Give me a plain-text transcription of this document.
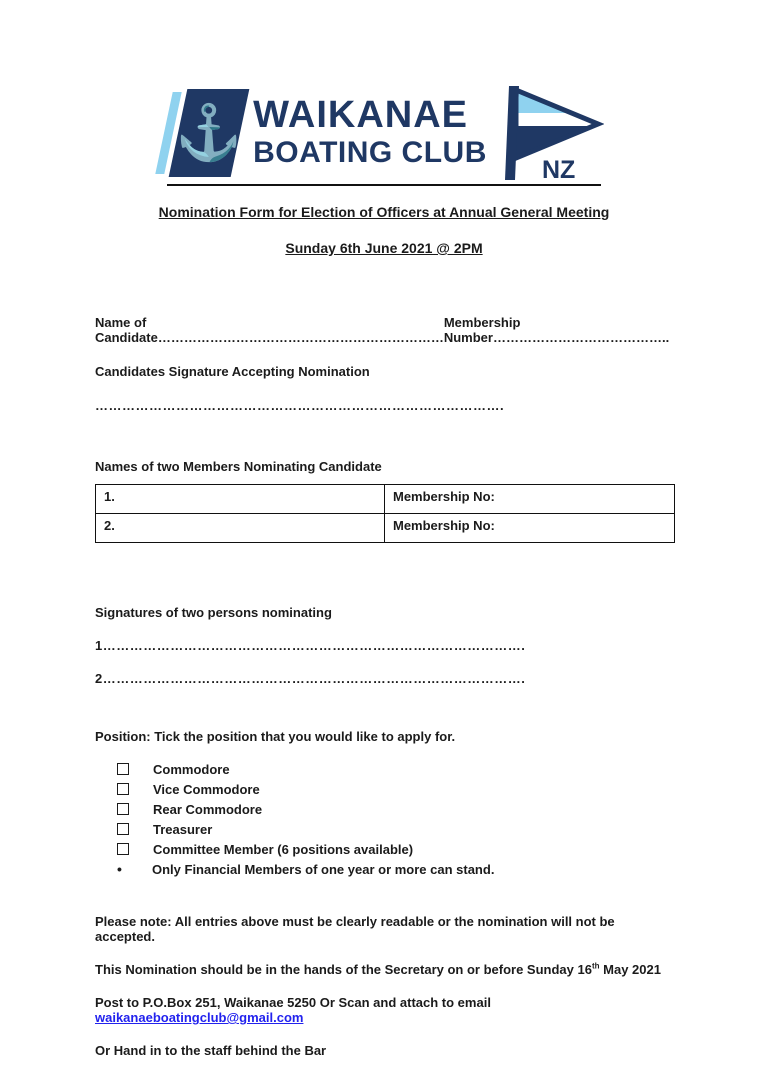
⚓ WAIKANAE
BOATING CLUB
NZ
Nomination Form for Election of Officers at Annual General Meeting
Sunday 6th June 2021 @ 2PM
Name of Candidate…………………………………………………………
Membership Number…………………………………..
Candidates Signature Accepting Nomination
……………………………………………………………………………….
Names of two Members Nominating Candidate
1.	Membership No:
2.	Membership No:
Signatures of two persons nominating
1………………………………………………………………………………….
2………………………………………………………………………………….
Position: Tick the position that you would like to apply for.
Commodore
Vice Commodore
Rear Commodore
Treasurer
Committee Member (6 positions available)
•	Only Financial Members of one year or more can stand.
Please note: All entries above must be clearly readable or the nomination will not be accepted.
This Nomination should be in the hands of the Secretary on or before Sunday 16th May 2021
Post to P.O.Box 251, Waikanae 5250 Or Scan and attach to email waikanaeboatingclub@gmail.com
Or Hand in to the staff behind the Bar
